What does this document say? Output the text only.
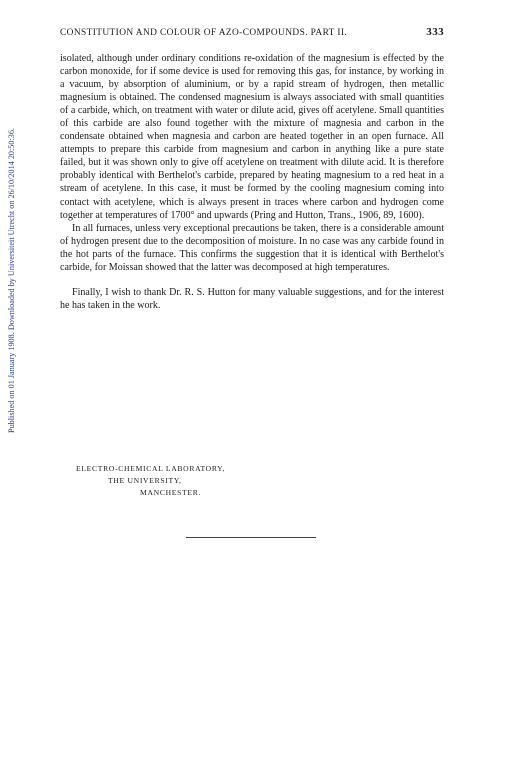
Published on 01 January 1908. Downloaded by Universiteit Utrecht on 26/10/2014 20:50:36.
CONSTITUTION AND COLOUR OF AZO-COMPOUNDS. PART II.	333

isolated, although under ordinary conditions re-oxidation of the magnesium is effected by the carbon monoxide, for if some device is used for removing this gas, for instance, by working in a vacuum, by absorption of aluminium, or by a rapid stream of hydrogen, then metallic magnesium is obtained. The condensed magnesium is always associated with small quantities of a carbide, which, on treatment with water or dilute acid, gives off acetylene. Small quantities of this carbide are also found together with the mixture of magnesia and carbon in the condensate obtained when magnesia and carbon are heated together in an open furnace. All attempts to prepare this carbide from magnesium and carbon in anything like a pure state failed, but it was shown only to give off acetylene on treatment with dilute acid. It is therefore probably identical with Berthelot's carbide, prepared by heating magnesium to a red heat in a stream of acetylene. In this case, it must be formed by the cooling magnesium coming into contact with acetylene, which is always present in traces where carbon and hydrogen come together at temperatures of 1700° and upwards (Pring and Hutton, Trans., 1906, 89, 1600).

In all furnaces, unless very exceptional precautions be taken, there is a considerable amount of hydrogen present due to the decomposition of moisture. In no case was any carbide found in the hot parts of the furnace. This confirms the suggestion that it is identical with Berthelot's carbide, for Moissan showed that the latter was decomposed at high temperatures.

Finally, I wish to thank Dr. R. S. Hutton for many valuable suggestions, and for the interest he has taken in the work.

ELECTRO-CHEMICAL LABORATORY,
THE UNIVERSITY,
MANCHESTER.
